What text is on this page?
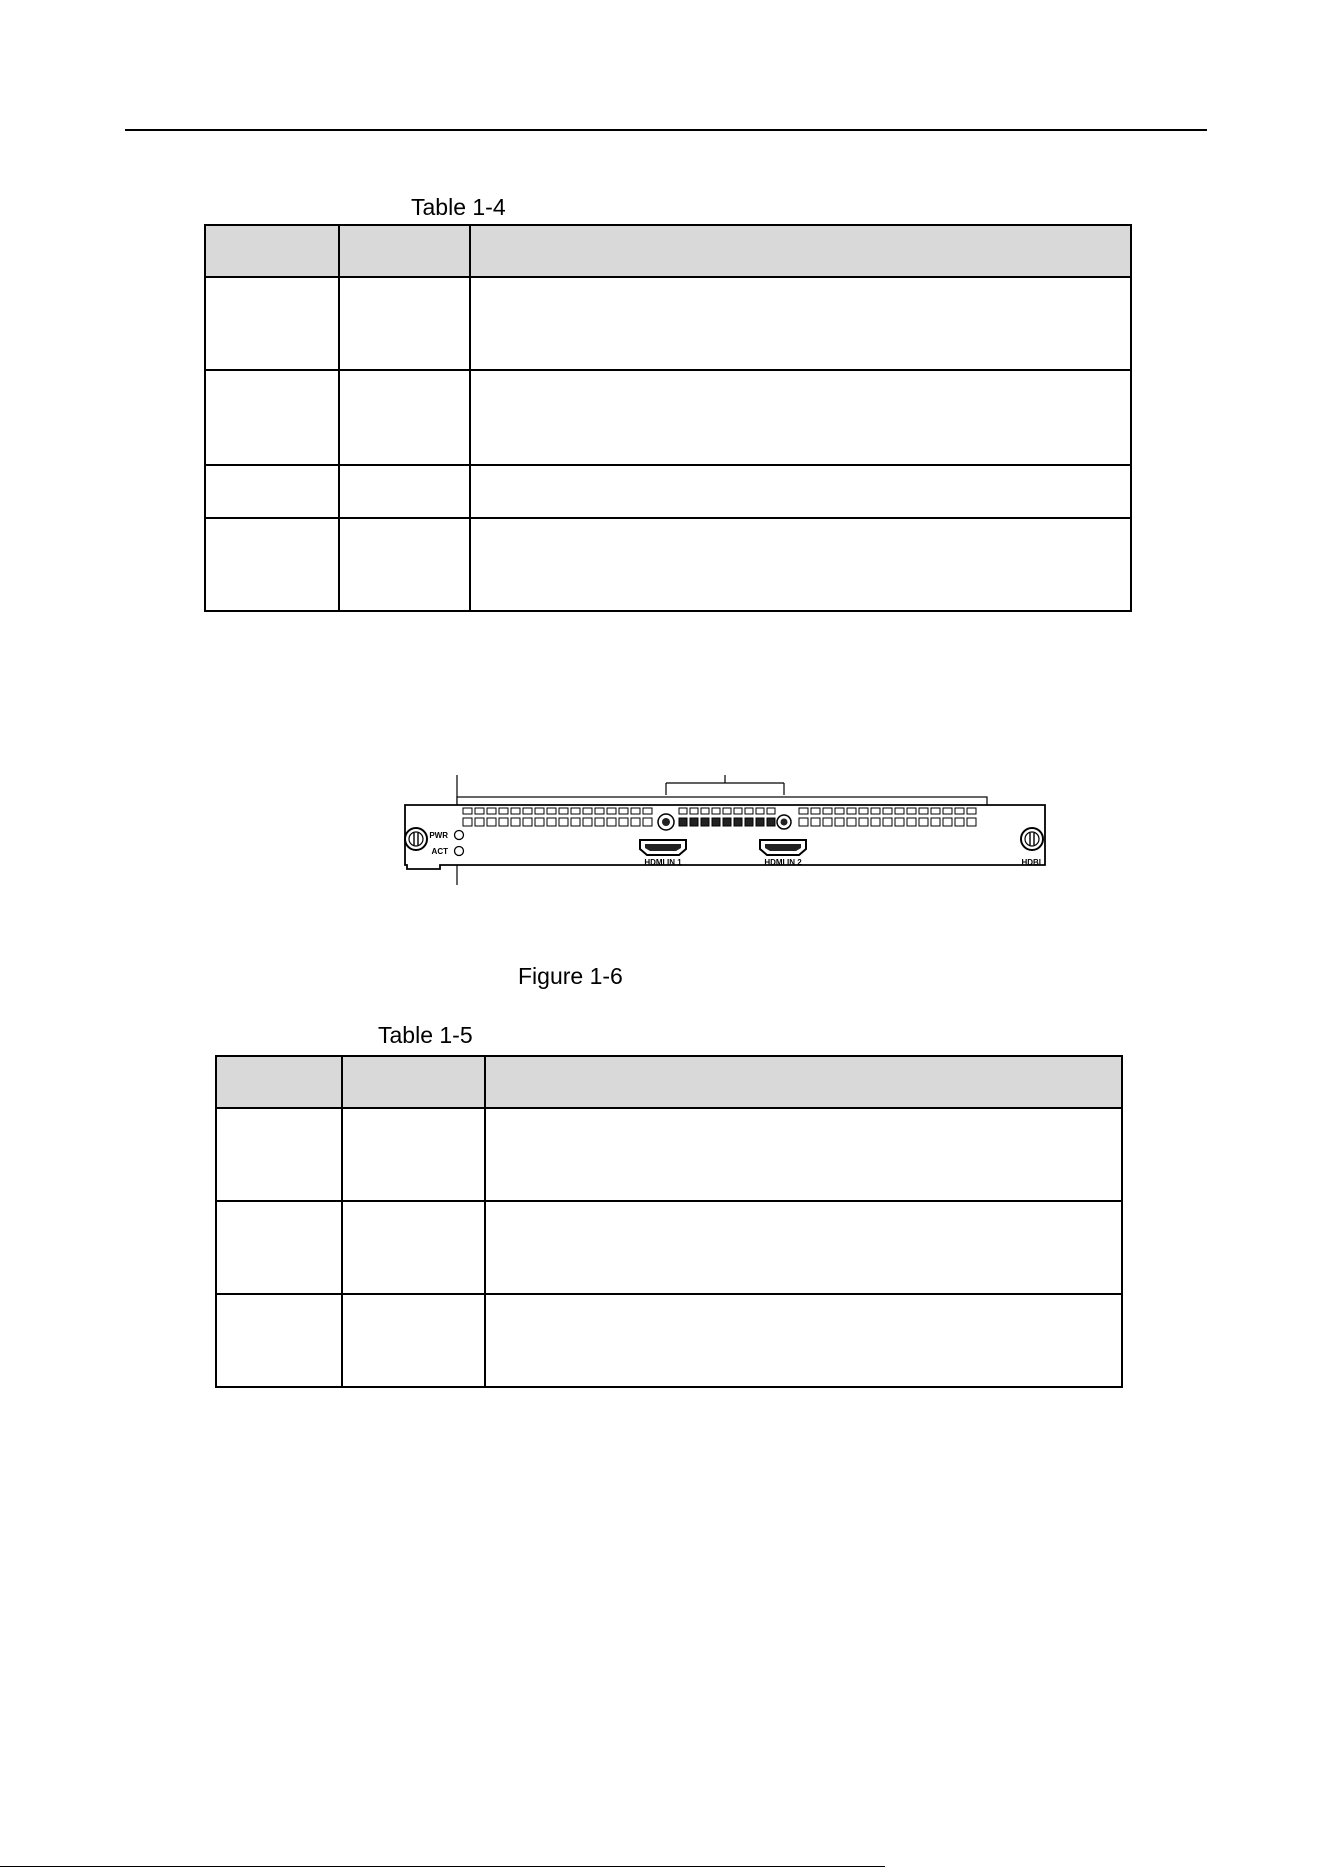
Table 1-4

PWR
ACT
HDMI IN 1	HDMI IN 2	HDBI
Figure 1-6
Table 1-5
